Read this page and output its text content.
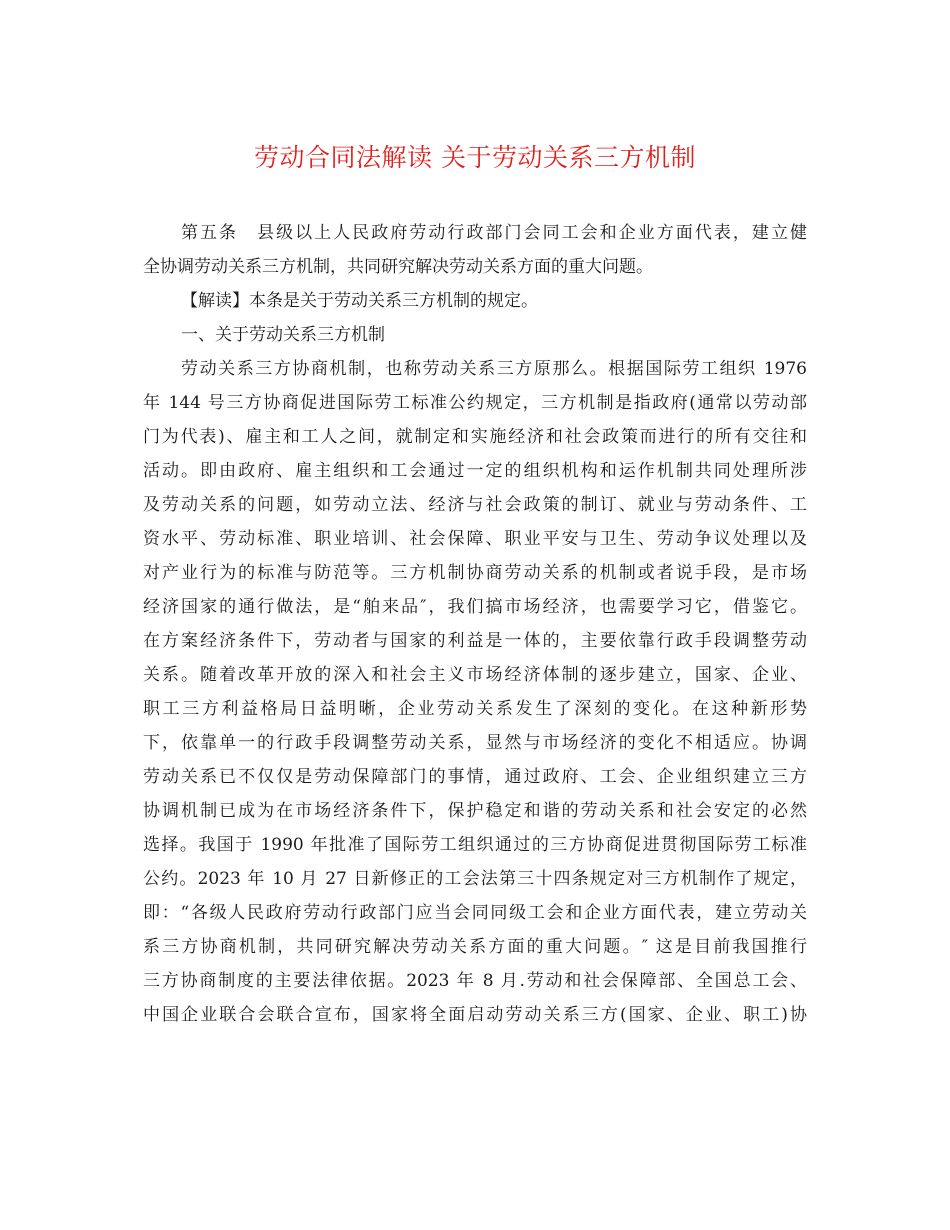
劳动合同法解读 关于劳动关系三方机制
第五条　县级以上人民政府劳动行政部门会同工会和企业方面代表，建立健
全协调劳动关系三方机制，共同研究解决劳动关系方面的重大问题。
【解读】本条是关于劳动关系三方机制的规定。
一、关于劳动关系三方机制
劳动关系三方协商机制，也称劳动关系三方原那么。根据国际劳工组织 1976
年 144 号三方协商促进国际劳工标准公约规定，三方机制是指政府(通常以劳动部
门为代表)、雇主和工人之间，就制定和实施经济和社会政策而进行的所有交往和
活动。即由政府、雇主组织和工会通过一定的组织机构和运作机制共同处理所涉
及劳动关系的问题，如劳动立法、经济与社会政策的制订、就业与劳动条件、工
资水平、劳动标准、职业培训、社会保障、职业平安与卫生、劳动争议处理以及
对产业行为的标准与防范等。三方机制协商劳动关系的机制或者说手段，是市场
经济国家的通行做法，是“舶来品″，我们搞市场经济，也需要学习它，借鉴它。
在方案经济条件下，劳动者与国家的利益是一体的，主要依靠行政手段调整劳动
关系。随着改革开放的深入和社会主义市场经济体制的逐步建立，国家、企业、
职工三方利益格局日益明晰，企业劳动关系发生了深刻的变化。在这种新形势
下，依靠单一的行政手段调整劳动关系，显然与市场经济的变化不相适应。协调
劳动关系已不仅仅是劳动保障部门的事情，通过政府、工会、企业组织建立三方
协调机制已成为在市场经济条件下，保护稳定和谐的劳动关系和社会安定的必然
选择。我国于 1990 年批准了国际劳工组织通过的三方协商促进贯彻国际劳工标准
公约。2023 年 10 月 27 日新修正的工会法第三十四条规定对三方机制作了规定，
即：“各级人民政府劳动行政部门应当会同同级工会和企业方面代表，建立劳动关
系三方协商机制，共同研究解决劳动关系方面的重大问题。″ 这是目前我国推行
三方协商制度的主要法律依据。2023 年 8 月.劳动和社会保障部、全国总工会、
中国企业联合会联合宣布，国家将全面启动劳动关系三方(国家、企业、职工)协
